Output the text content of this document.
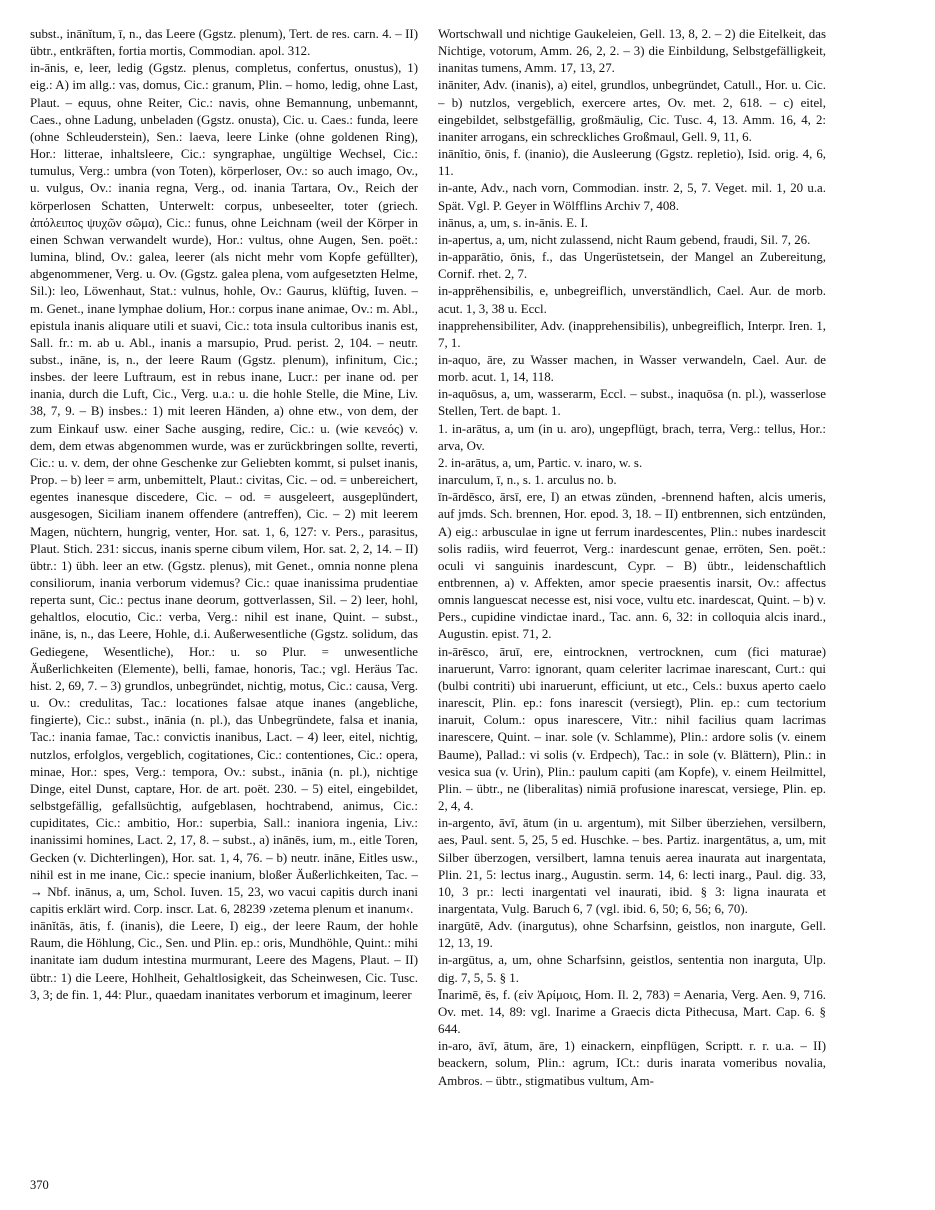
subst., inānĭtum, ī, n., das Leere (Ggstz. plenum), Tert. de res. carn. 4. – II) übtr., entkräften, fortia mortis, Commodian. apol. 312.

in-ānis, e, leer, ledig (Ggstz. plenus, completus, confertus, onustus), 1) eig.: A) im allg.: vas, domus, Cic.: granum, Plin. – homo, ledig, ohne Last, Plaut. – equus, ohne Reiter, Cic.: navis, ohne Bemannung, unbemannt, Caes., ohne Ladung, unbeladen (Ggstz. onusta), Cic. u. Caes.: funda, leere (ohne Schleuderstein), Sen.: laeva, leere Linke (ohne goldenen Ring), Hor.: litterae, inhaltsleere, Cic.: syngraphae, ungültige Wechsel, Cic.: tumulus, Verg.: umbra (von Toten), körperloser, Ov.: so auch imago, Ov., u. vulgus, Ov.: inania regna, Verg., od. inania Tartara, Ov., Reich der körperlosen Schatten, Unterwelt: corpus, unbeseelter, toter (griech. ἀπόλειπος ψυχῶν σῶμα), Cic.: funus, ohne Leichnam (weil der Körper in einen Schwan verwandelt wurde), Hor.: vultus, ohne Augen, Sen. poët.: lumina, blind, Ov.: galea, leerer (als nicht mehr vom Kopfe gefüllter), abgenommener, Verg. u. Ov. (Ggstz. galea plena, vom aufgesetzten Helme, Sil.): leo, Löwenhaut, Stat.: vulnus, hohle, Ov.: Gaurus, klüftig, Iuven. – m. Genet., inane lymphae dolium, Hor.: corpus inane animae, Ov.: m. Abl., epistula inanis aliquare utili et suavi, Cic.: tota insula cultoribus inanis est, Sall. fr.: m. ab u. Abl., inanis a marsupio, Prud. perist. 2, 104. – neutr. subst., ināne, is, n., der leere Raum (Ggstz. plenum), infinitum, Cic.; insbes. der leere Luftraum, est in rebus inane, Lucr.: per inane od. per inania, durch die Luft, Cic., Verg. u.a.: u. die hohle Stelle, die Mine, Liv. 38, 7, 9. – B) insbes.: 1) mit leeren Händen, a) ohne etw., von dem, der zum Einkauf usw. einer Sache ausging, redire, Cic.: u. (wie κενεός) v. dem, dem etwas abgenommen wurde, was er zurückbringen sollte, reverti, Cic.: u. v. dem, der ohne Geschenke zur Geliebten kommt, si pulset inanis, Prop. – b) leer = arm, unbemittelt, Plaut.: civitas, Cic. – od. = unbereichert, egentes inanesque discedere, Cic. – od. = ausgeleert, ausgeplündert, ausgesogen, Siciliam inanem offendere (antreffen), Cic. – 2) mit leerem Magen, nüchtern, hungrig, venter, Hor. sat. 1, 6, 127: v. Pers., parasitus, Plaut. Stich. 231: siccus, inanis sperne cibum vilem, Hor. sat. 2, 2, 14. – II) übtr.: 1) übh. leer an etw. (Ggstz. plenus), mit Genet., omnia nonne plena consiliorum, inania verborum videmus? Cic.: quae inanissima prudentiae reperta sunt, Cic.: pectus inane deorum, gottverlassen, Sil. – 2) leer, hohl, gehaltlos, elocutio, Cic.: verba, Verg.: nihil est inane, Quint. – subst., ināne, is, n., das Leere, Hohle, d.i. Außerwesentliche (Ggstz. solidum, das Gediegene, Wesentliche), Hor.: u. so Plur. = unwesentliche Äußerlichkeiten (Elemente), belli, famae, honoris, Tac.; vgl. Heräus Tac. hist. 2, 69, 7. – 3) grundlos, unbegründet, nichtig, motus, Cic.: causa, Verg. u. Ov.: credulitas, Tac.: locationes falsae atque inanes (angebliche, fingierte), Cic.: subst., inānia (n. pl.), das Unbegründete, falsa et inania, Tac.: inania famae, Tac.: convictis inanibus, Lact. – 4) leer, eitel, nichtig, nutzlos, erfolglos, vergeblich, cogitationes, Cic.: contentiones, Cic.: opera, minae, Hor.: spes, Verg.: tempora, Ov.: subst., inānia (n. pl.), nichtige Dinge, eitel Dunst, captare, Hor. de art. poët. 230. – 5) eitel, eingebildet, selbstgefällig, gefallsüchtig, aufgeblasen, hochtrabend, animus, Cic.: cupiditates, Cic.: ambitio, Hor.: superbia, Sall.: inaniora ingenia, Liv.: inanissimi homines, Lact. 2, 17, 8. – subst., a) inānēs, ium, m., eitle Toren, Gecken (v. Dichterlingen), Hor. sat. 1, 4, 76. – b) neutr. ināne, Eitles usw., nihil est in me inane, Cic.: specie inanium, bloßer Äußerlichkeiten, Tac. – → Nbf. inānus, a, um, Schol. Iuven. 15, 23, wo vacui capitis durch inani capitis erklärt wird. Corp. inscr. Lat. 6, 28239 ›zetema plenum et inanum‹.

inānĭtās, ātis, f. (inanis), die Leere, I) eig., der leere Raum, der hohle Raum, die Höhlung, Cic., Sen. und Plin. ep.: oris, Mundhöhle, Quint.: mihi inanitate iam dudum intestina murmurant, Leere des Magens, Plaut. – II) übtr.: 1) die Leere, Hohlheit, Gehaltlosigkeit, das Scheinwesen, Cic. Tusc. 3, 3; de fin. 1, 44: Plur., quaedam inanitates verborum et imaginum, leerer

Wortschwall und nichtige Gaukeleien, Gell. 13, 8, 2. – 2) die Eitelkeit, das Nichtige, votorum, Amm. 26, 2, 2. – 3) die Einbildung, Selbstgefälligkeit, inanitas tumens, Amm. 17, 13, 27.

ināniter, Adv. (inanis), a) eitel, grundlos, unbegründet, Catull., Hor. u. Cic. – b) nutzlos, vergeblich, exercere artes, Ov. met. 2, 618. – c) eitel, eingebildet, selbstgefällig, großmäulig, Cic. Tusc. 4, 13. Amm. 16, 4, 2: inaniter arrogans, ein schreckliches Großmaul, Gell. 9, 11, 6.

inānĭtio, ōnis, f. (inanio), die Ausleerung (Ggstz. repletio), Isid. orig. 4, 6, 11.

in-ante, Adv., nach vorn, Commodian. instr. 2, 5, 7. Veget. mil. 1, 20 u.a. Spät. Vgl. P. Geyer in Wölfflins Archiv 7, 408.

inānus, a, um, s. in-ānis. E. I.

in-apertus, a, um, nicht zulassend, nicht Raum gebend, fraudi, Sil. 7, 26.

in-apparātio, ōnis, f., das Ungerüstetsein, der Mangel an Zubereitung, Cornif. rhet. 2, 7.

in-apprĕhensibilis, e, unbegreiflich, unverständlich, Cael. Aur. de morb. acut. 1, 3, 38 u. Eccl.

inapprehensibiliter, Adv. (inapprehensibilis), unbegreiflich, Interpr. Iren. 1, 7, 1.

in-aquo, āre, zu Wasser machen, in Wasser verwandeln, Cael. Aur. de morb. acut. 1, 14, 118.

in-aquōsus, a, um, wasserarm, Eccl. – subst., inaquōsa (n. pl.), wasserlose Stellen, Tert. de bapt. 1.

1. in-arātus, a, um (in u. aro), ungepflügt, brach, terra, Verg.: tellus, Hor.: arva, Ov.

2. in-arātus, a, um, Partic. v. inaro, w. s.

inarculum, ī, n., s. 1. arculus no. b.

īn-ārdēsco, ārsī, ere, I) an etwas zünden, -brennend haften, alcis umeris, auf jmds. Sch. brennen, Hor. epod. 3, 18. – II) entbrennen, sich entzünden, A) eig.: arbusculae in igne ut ferrum inardescentes, Plin.: nubes inardescit solis radiis, wird feuerrot, Verg.: inardescunt genae, erröten, Sen. poët.: oculi vi sanguinis inardescunt, Cypr. – B) übtr., leidenschaftlich entbrennen, a) v. Affekten, amor specie praesentis inarsit, Ov.: affectus omnis languescat necesse est, nisi voce, vultu etc. inardescat, Quint. – b) v. Pers., cupidine vindictae inard., Tac. ann. 6, 32: in colloquia alcis inard., Augustin. epist. 71, 2.

in-ārēsco, āruī, ere, eintrocknen, vertrocknen, cum (fici maturae) inaruerunt, Varro: ignorant, quam celeriter lacrimae inarescant, Curt.: qui (bulbi contriti) ubi inaruerunt, efficiunt, ut etc., Cels.: buxus aperto caelo inarescit, Plin. ep.: fons inarescit (versiegt), Plin. ep.: cum tectorium inaruit, Colum.: opus inarescere, Vitr.: nihil facilius quam lacrimas inarescere, Quint. – inar. sole (v. Schlamme), Plin.: ardore solis (v. einem Baume), Pallad.: vi solis (v. Erdpech), Tac.: in sole (v. Blättern), Plin.: in vesica sua (v. Urin), Plin.: paulum capiti (am Kopfe), v. einem Heilmittel, Plin. – übtr., ne (liberalitas) nimiā profusione inarescat, versiege, Plin. ep. 2, 4, 4.

in-argento, āvī, ātum (in u. argentum), mit Silber überziehen, versilbern, aes, Paul. sent. 5, 25, 5 ed. Huschke. – bes. Partiz. inargentātus, a, um, mit Silber überzogen, versilbert, lamna tenuis aerea inaurata aut inargentata, Plin. 21, 5: lectus inarg., Augustin. serm. 14, 6: lecti inarg., Paul. dig. 33, 10, 3 pr.: lecti inargentati vel inaurati, ibid. § 3: ligna inaurata et inargentata, Vulg. Baruch 6, 7 (vgl. ibid. 6, 50; 6, 56; 6, 70).

inargūtē, Adv. (inargutus), ohne Scharfsinn, geistlos, non inargute, Gell. 12, 13, 19.

in-argūtus, a, um, ohne Scharfsinn, geistlos, sententia non inarguta, Ulp. dig. 7, 5, 5. § 1.

Īnarimē, ēs, f. (εἰν Ἀρίμοις, Hom. Il. 2, 783) = Aenaria, Verg. Aen. 9, 716. Ov. met. 14, 89: vgl. Inarime a Graecis dicta Pithecusa, Mart. Cap. 6. § 644.

in-aro, āvī, ātum, āre, 1) einackern, einpflügen, Scriptt. r. r. u.a. – II) beackern, solum, Plin.: agrum, ICt.: duris inarata vomeribus novalia, Ambros. – übtr., stigmatibus vultum, Am-

370
